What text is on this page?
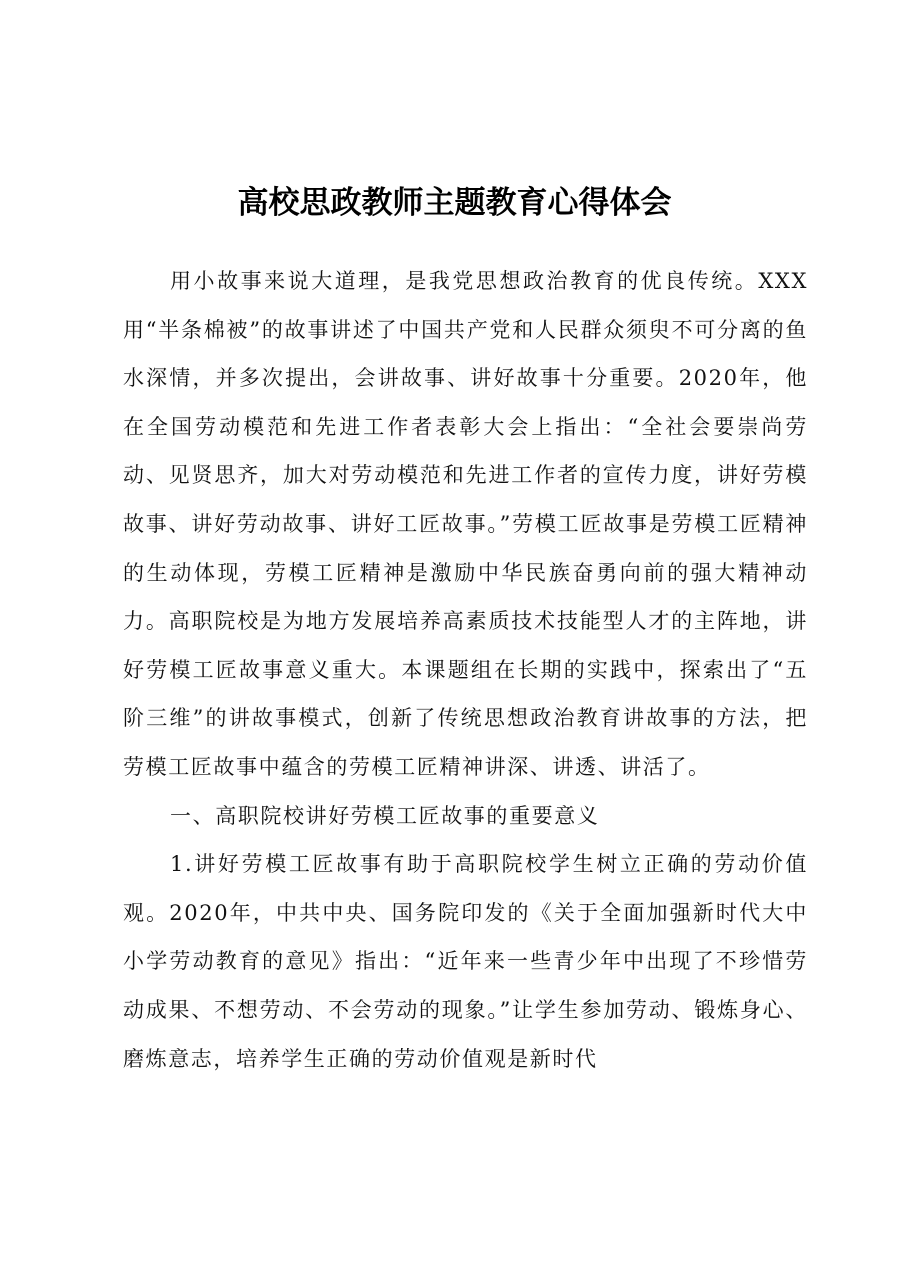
高校思政教师主题教育心得体会

用小故事来说大道理，是我党思想政治教育的优良传统。XXX用“半条棉被”的故事讲述了中国共产党和人民群众须臾不可分离的鱼水深情，并多次提出，会讲故事、讲好故事十分重要。2020年，他在全国劳动模范和先进工作者表彰大会上指出：“全社会要崇尚劳动、见贤思齐，加大对劳动模范和先进工作者的宣传力度，讲好劳模故事、讲好劳动故事、讲好工匠故事。”劳模工匠故事是劳模工匠精神的生动体现，劳模工匠精神是激励中华民族奋勇向前的强大精神动力。高职院校是为地方发展培养高素质技术技能型人才的主阵地，讲好劳模工匠故事意义重大。本课题组在长期的实践中，探索出了“五阶三维”的讲故事模式，创新了传统思想政治教育讲故事的方法，把劳模工匠故事中蕴含的劳模工匠精神讲深、讲透、讲活了。

一、高职院校讲好劳模工匠故事的重要意义

1.讲好劳模工匠故事有助于高职院校学生树立正确的劳动价值观。2020年，中共中央、国务院印发的《关于全面加强新时代大中小学劳动教育的意见》指出：“近年来一些青少年中出现了不珍惜劳动成果、不想劳动、不会劳动的现象。”让学生参加劳动、锻炼身心、磨炼意志，培养学生正确的劳动价值观是新时代
